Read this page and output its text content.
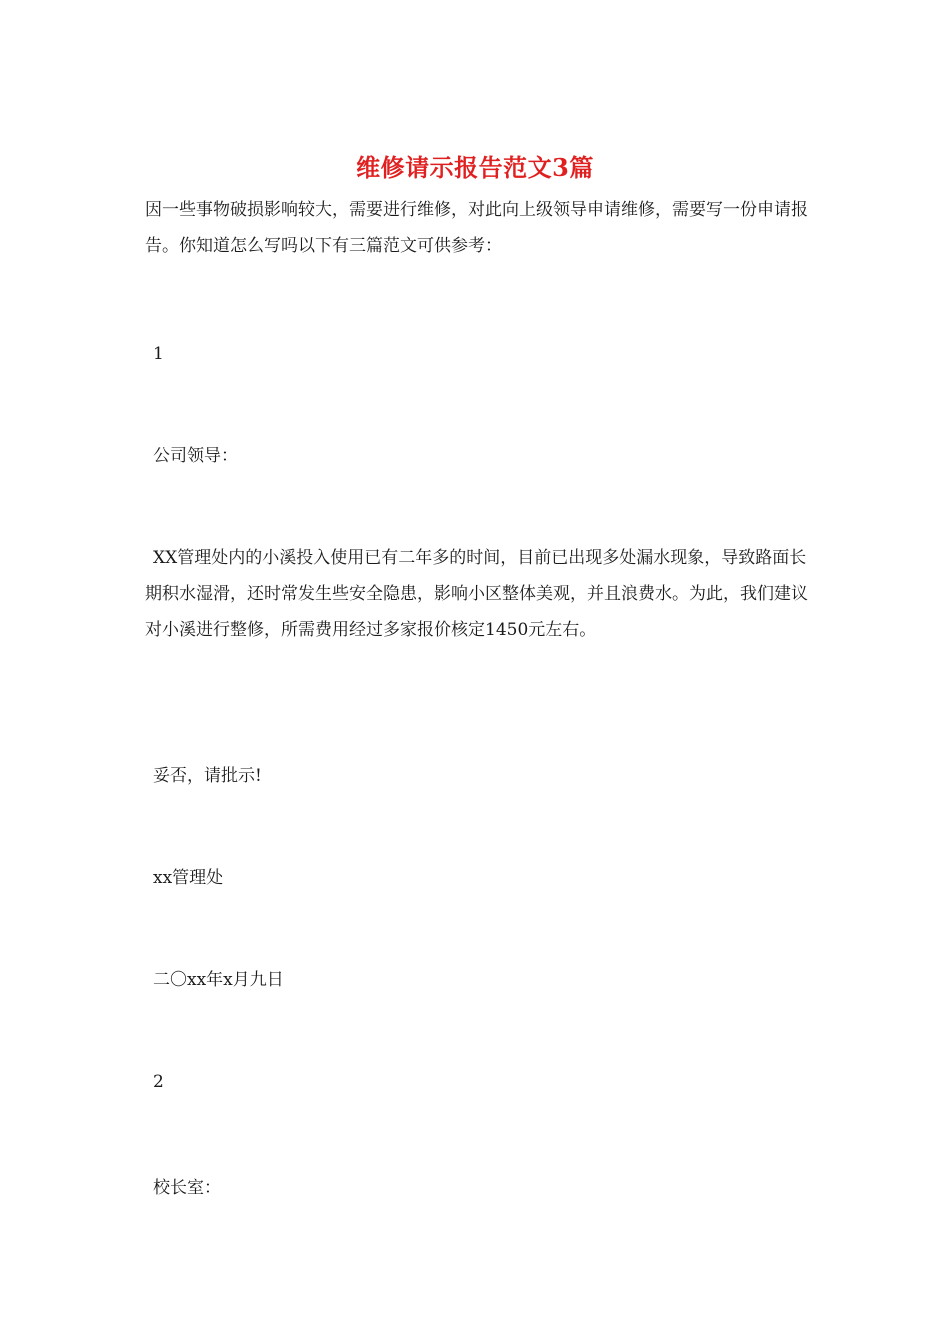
维修请示报告范文3篇

因一些事物破损影响较大，需要进行维修，对此向上级领导申请维修，需要写一份申请报告。你知道怎么写吗以下有三篇范文可供参考：

1

公司领导：

XX管理处内的小溪投入使用已有二年多的时间，目前已出现多处漏水现象，导致路面长期积水湿滑，还时常发生些安全隐患，影响小区整体美观，并且浪费水。为此，我们建议对小溪进行整修，所需费用经过多家报价核定1450元左右。

妥否，请批示!

xx管理处

二〇xx年x月九日

2

校长室：
